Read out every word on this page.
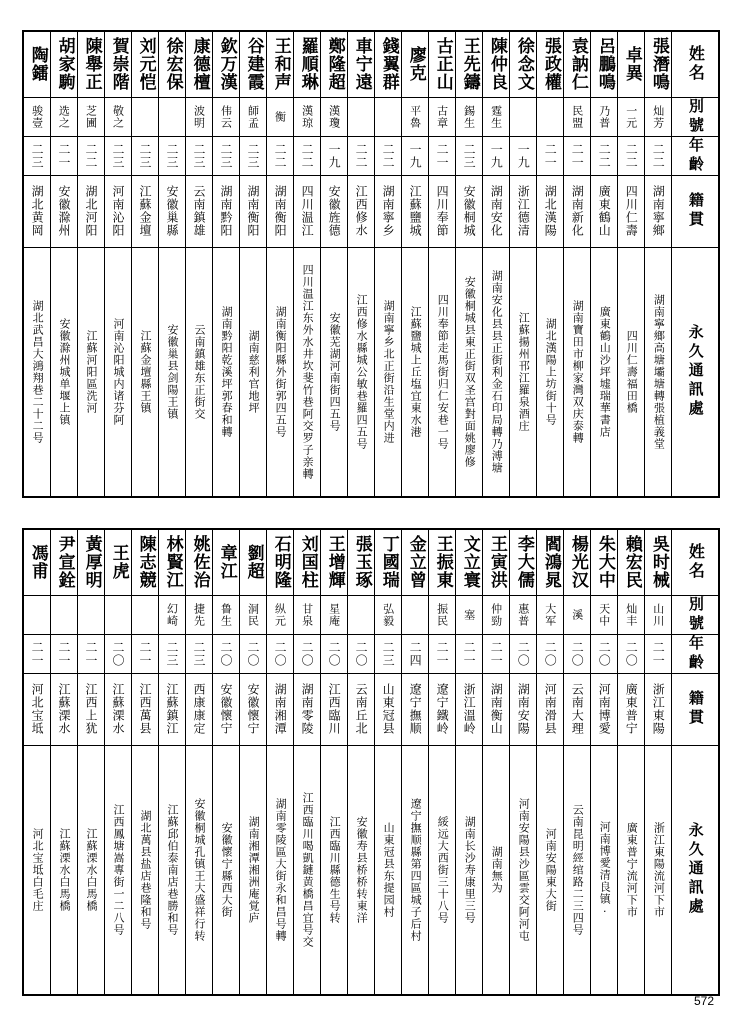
姓名	張潛鳴	卓異	呂鵬鳴	袁訥仁	張政權	徐念文	陳仲良	王先鑄	古正山	廖克	錢翼群	車宁遠	鄭隆超	羅順琳	王和声	谷建霞	欽万漢	康德檀	徐宏保	刘元恺	賀崇階	陳舉正	胡家駒	陶鐳

別號	灿芳	一元	乃普	民盟			霆生	錫生	古章	平魯			漢瓊	漢琼	衡	師孟	伟云	波明			敬之	芝圃	选之	骏壹

年齡	二二	二二	二二	二一	二一	一九	一九	二三	二一	一九	二二	二二	一九	二二	二二	二三	二三	二三	二三	二三	二三	二二	二一	二三

籍貫	湖南寧鄉	四川仁壽	廣東鶴山	湖南新化	湖北漢陽	浙江德清	湖南安化	安徽桐城	四川奉節	江蘇鹽城	湖南寧乡	江西修水	安徽旌德	四川温江	湖南衡阳	湖南衡阳	湖南黔阳	云南鎮雄	安徽巢縣	江蘇金壇	河南沁阳	湖北河阳	安徽滁州	湖北黄岡

永久通訊處	湖南寧鄉高塘壩塘轉張植義堂	四川仁壽福田橋	廣東鶴山沙坪墟瑞華書店	湖南寶田市柳家灣双庆泰轉	湖北漢陽上坊街十号	江蘇揚州邗江羅泉酒庄	湖南安化县县正街利金石印局轉乃溥塘	安徽桐城县東正街双圣宫對面姚廖修	四川奉節走馬街归仁安巷一号	江蘇鹽城上丘塩宜東水港	湖南寧乡北正街沿生堂内进	江西修水縣城公敏巷羅四五号	安徽芜湖河南街四五号	四川温江东外水井坎斐竹巷阿交罗子亲轉	湖南衡阳縣外街郭四五号	湖南慈利官地坪	湖南黔阳乾溪坪郭春和轉	云南鎮雄东正街交	安徽巢县剑陽王镇	江蘇金壇縣王镇	河南沁阳城内诸芬阿	江蘇河阳區洗河	安徽滁州城单堰上镇	湖北武昌大鴻翔巷二十二号
姓名	吳时械	賴宏民	朱大中	楊光汉	閻鴻晁	李大儒	王寅洪	文立寰	王振東	金立曾	丁國瑞	張玉琢	王增輝	刘国柱	石明隆	劉超	章江	姚佐治	林賢江	陳志競	王虎	黃厚明	尹宣銓	馮甫

別號	山川	灿丰	天中	溪	大军	惠普	仲勁	塞	振民		弘毅		星庵	甘泉	纵元	洞民	鲁生	捷先	幻崎					

年齡	二一	二〇	二〇	二〇	二〇	二〇	二一	二一	二一	二四	二三	二〇	二〇	二〇	二〇	二〇	二〇	二三	二三	二一	二〇	二一	二一	二一

籍貫	浙江東陽	廣東普宁	河南博愛	云南大理	河南滑县	湖南安陽	湖南衡山	浙江溫岭	遼宁鐵岭	遼宁撫顺	山東冠县	云南丘北	江西臨川	湖南零陵	湖南湘潭	安徽懷宁	安徽懷宁	西康康定	江蘇鎮江	江西萬县	江蘇溧水	江西上犹	江蘇溧水	河北宝坻

永久通訊處	浙江東陽流河下市	廣東普宁流河下市	河南博愛清良镇·	云南昆明經绾路二三四号	河南安陽東大街	河南安陽县沙區雲交阿河屯	湖南無为	湖南长沙寿康里三号	綏远大西街三十八号	遼宁撫顺縣第四區城子后村	山東冠县东提园村	安徽寿县桥桥转東洋	江西臨川縣德生号转	江西臨川喝凱鏈黄橋昌宜号交	湖南零陵區大街永和昌号轉	湖南湘潭湘洲庵覚庐	安徽懷宁縣西大街	安徽桐城孔镇王大盛祥行转	江蘇邱伯泰南店巷勝和号	湖北萬县盐店巷隆和号	江西鳳塘嵩專街一二八号	江蘇溧水白馬橋	江蘇溧水白馬橋	河北宝坻白毛庄
572
